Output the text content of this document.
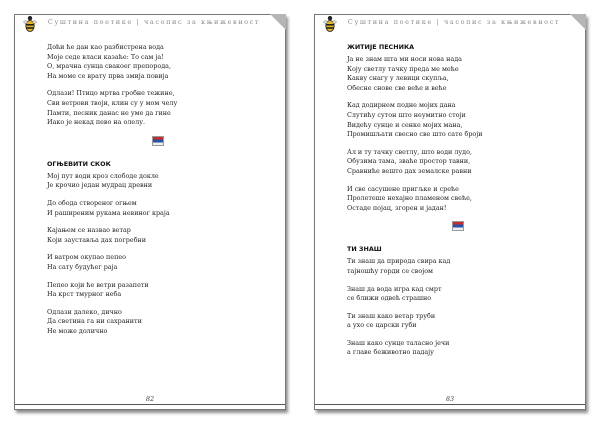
Суштина поетике | часопис за књижевност
Доћи ће дан као разбистрена вода
Моје седе власи казаће: То сам ја!
О, мрачна сунца свакоег препорода,
На моме се врату прва змија повија
Одлази! Птицо мртва гробне тежине,
Сви ветрови твоји, клин су у мом челу
Памти, песник данас не уме да гине
Иако је некад пево на олелу.
ОГЊЕВИТИ СКОК
Мој пут води кроз слободе докле
Је крочио један мудрац древни
До обода створеног огњем
И раширеним рукама невиног краја
Кајањем се назвао ветар
Који зауставља дах погребни
И ватром окупао пепео
На сату будућег раја
Пепео који ће ветри разапети
На крст тмурног неба
Одлази далеко, дично
Да светина га ни сахранити
Не може долично
82
Суштина поетике | часопис за књижевност
ЖИТИЈЕ ПЕСНИКА
Ја не знам шта ми носи нова нада
Коју светлу тачку преда ме меће
Какву снагу у левици скупља,
Обесне снове све веће и веће
Кад додирнем подне мојих дана
Слутићу сутон што неумитно стоји
Видећу сунце и сенке мојих мана,
Промишљати свесно све што сате броји
Ал и ту тачку светлу, што води лудо,
Обузима тама, зваће простор тавни,
Сравниће вешто дах земалске равни
И све сасушене пригљке и среће
Пролетеше нехајно пламеном свеће,
Остаде појац, згорен и јадан!
ТИ ЗНАШ
Ти знаш да природа свира кад
тајношћу горди се својом
Знаш да вода игра кад смрт
се ближи одвећ страшно
Ти знаш како ветар труби
а ухо се царски губи
Знаш како сунце таласно јечи
а главе беживотно падају
83
